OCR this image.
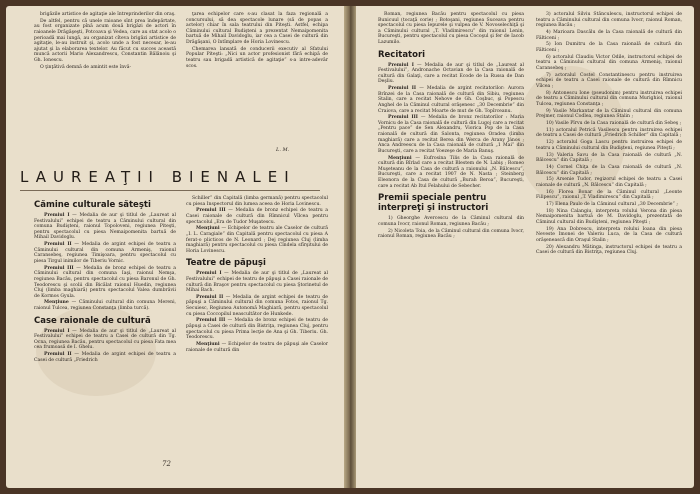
brigăzile artistice de agitaţie ale întreprinderilor din oraş.

De altfel, pentru că unele raioane sînt prea îndepărtate, au fost organizate pînă acum două brigăzi de actori în raioanele Drăgăşeşti, Potcoava şi Vedea, care au stat acolo o perioadă mai lungă, au organizat cîteva brigăzi artistice de agitaţie, le-au instruit şi, acolo unde a fost necesar, le-au ajutat şi la elaborarea textelor. Au făcut cu succes această muncă actorii Mario Alexandrescu, Constantin Bălănoiu şi Gh. Ionescu.

O ţinţătivă demnă de amintit este învă-

ţarea echipelor care s-au clasat la faza regională a concursului, să dea spectacole lunare (să de popas a actelor) chiar în sala teatrului din Piteşti. Astfel, echipa Căminului cultural Budişteni a prezentat Nemaipomenita bartuă de Mihail Davidoglu, iar cea a Casei de cultură din Drăgăşani, O întîmplare de Horia Lovinescu.

Chemarea lansată de conducerii executiv al Sfatului Popular Piteşti: „Nici un actor profesionist fără echipă de teatru sau brigadă artistică de agitaţie” s-a intre-adevăr scos.

L. M.
LAUREAŢII BIENALEI
Cămine culturale săteşti

Premiul I — Medalia de aur şi titlul de „Laureat al Festivalului” echipei de teatru a Căminului cultural din comuna Budişteni, raionul Topoloveni, regiunea Piteşti, pentru spectacolul cu piesa Nemaipomenita bartuă de Mihail Davidoglu.

Premiul II — Medalia de argint echipei de teatru a Căminului cultural din comuna Armeniş, raionul Caransebeş, regiunea Timişoara, pentru spectacolul cu piesa Tirgul inimilor de Tiberiu Vornic.

Premiul III — Medalia de bronz echipei de teatru a Căminului cultural din comuna Iaşi, raionul Nemşa, regiunea Bacău, pentru spectacolul cu piesa Baronul de Gh. Teodorescu şi scolii din Bicălat raionul Huedin, regiunea Cluj (limba maghiară) pentru spectacolul Valea dumbrăvii de Kormos Gyula.

Menţiune — Căminului cultural din comuna Mereni, raionul Tulcea, regiunea Constanţa (limba turcă).

Case raionale de cultură

Premiul I — Medalia de aur şi titlul de „Laureat al Festivalului” echipei de teatru a Casei de cultură din Tg. Ocna, regiunea Bacău, pentru spectacolul cu piesa Fata mea cea frumoasă de I. Ghelu.

Premiul II — Medalia de argint echipei de teatru a Casei de cultură „Friedrich

Schiller” din Capitală (limba germană) pentru spectacolul cu piesa Inspectorul din lumea aceea de Horia Lovinescu.

Premiul III — Medalia de bronz echipei de teatru a Casei raionale de cultură din Rîmnicul Vîlcea pentru spectacolul „Era de Tudor Muşatescu.

Menţiuni — Echipelor de teatru ale Caselor de cultură „I. L. Caragiale” din Capitală pentru spectacolul cu piesa A ferat-o plicticos de N. Leonard ; Dej regiunea Cluj (limba maghiară) pentru spectacolul cu piesa Cîndela sfîrşitului de Horia Lovinescu.

Teatre de păpuşi

Premiul I — Medalia de aur şi titlul de „Laureat al Festivalului” echipei de teatru de păpuşi a Casei raionale de cultură din Braşov pentru spectacolul cu piesa Ştorinetul de Mihai Bach.

Premiul II — Medalia de argint echipei de teatru de păpuşi a Căminului cultural din comuna Fotos, raionul Tg. Secuiesc, Regiunea Autonomă Maghiară, pentru spectacolul cu piesa Coccopilul neascultător de Hunkede.

Premiul III — Medalia de bronz echipei de teatru de păpuşi a Casei de cultură din Bistriţa, regiunea Cluj, pentru spectacolul cu piesa Prima lecţie de Ana şi Gh. Tiberiu. Gh. Teodorescu.

Menţiuni — Echipelor de teatru de păpuşi ale Caselor raionale de cultură din

72

Roman, regiunea Bacău pentru spectacolul cu piesa Bunicuul (tocaţă corie) ; Botoşani, regiunea Suceava pentru spectacolul cu piesa Iepurele şi vulpea de V. Novoselechiţă şi a Căminului cultural „T. Vladimirescu” din raionul Lenin, Bucureşti, pentru spectacolul cu piesa Cocoşul şi fer de Iacob Lazumilo.

Recitatori

Premiul I — Medalia de aur şi titlul de „Laureat al Festivalului”, Andronache Octavian de la Casa raională de cultură din Galaţi, care a recitat Ecode de la Russa de Dan Deşliu.

Premiul II — Medalia de argint recitatorilor: Aurora Brînzei de la Casa raională de cultură din Sibiu, regiunea Stalin, care a recitat Nehove de Gh. Coşbuc, şi Popescu Anghel de la Căminul cultural orăşenesc „30 Decembrie” din Craiova, care a recitat Moarte de mut de Gh. Topîrceanu.

Premiul III — Medalia de bronz recitatorilor : Maria Vornicu de la Casa raională de cultură din Lugoj care a recitat „Pentru pace” de Sen Alexandru, Viorica Pop de la Casa raională de cultură din Salonta, regiunea Oradea (limba maghiară) care a recitat Berea din Werca de Arany János ; Anca Andreescu de la Casa raională de cultură „1 Mai” din Bucureşti, care a recitat Voezeşe de Maria Banuş.

Menţiuni — Eufrosina Tilis de la Casa raională de cultură din Bîrlad care a recitat Blestem de N. Labiş ; Romeo Muşeteanu de la Casa de cultură a raionului „N. Bălcescu”, Bucureşti, care a recitat 1907 de N. Nasta ; Steinberg Eleonora de la Casa de cultură „Burah Beroa”, Bucureşti, care a recitat Ab Itul Felahului de Sebecher.

Premii speciale pentru interpreţi şi instructori

1) Gheorghe Avercescu de la Căminul cultural din comuna Ivocr, raionul Roman, regiunea Bacău ;

2) Nicoleta Toia, de la Căminul cultural din comuna Ivocr, raionul Roman, regiunea Bacău ;

3) actoralul Silviu Stănculescu, instructorul echipei de teatru a Căminului cultural din comuna Ivocr, raionul Roman, regiunea Bacău ;

4) Marioara Dascălu de la Casa raională de cultură din Fălticeni ;

5) Ion Dumitru de la Casa raională de cultură din Fălticeni ;

6) actoralul Claudiu Victor Odile, instructorul echipei de teatru a Căminului cultural din comuna Armeniş, raionul Caransebeş ;

7) actoralul Costel Constantinescu pentru instruirea echipei de teatru a Casei raionale de cultură din Rîmnicu Vîlcea ;

8) Antonescu Ione (pseudonim) pentru instruirea echipei de teatru a Căminului cultural din comuna Murighiol, raionul Tulcea, regiunea Constanţa ;

9) Vasile Markantar de la Căminul cultural din comuna Prejmer, raionul Codlea, regiunea Stalin ;

10) Vasile Pîrvu de la Casa raională de cultură din Sebeş ;

11) actoralul Petrică Vasilescu pentru instruirea echipei de teatru a Casei de cultură „Friedrich Schiller” din Capitală ;

12) actoralul Goga Lascu pentru instruirea echipei de teatru a Căminului cultural din Budişteni, regiunea Piteşti ;

13) Valeria Savu de la Casa raională de cultură „N. Bălcescu” din Capitală ;

14) Cornel Chiţa de la Casa raională de cultură „N. Bălcescu” din Capitală ;

15) Arsenie Tudor, regizorul echipei de teatru a Casei raionale de cultură „N. Bălcescu” din Capitală ;

16) Florea Bonar de la Căminul cultural „Leonte Filipescu”, raionul „T. Vladimirescu” din Capitală ;

17) Elena Paulo de la Căminul cultural „30 Decembrie” ;

18) Nina Calangiu, interpreta rolului Verona din piesa Nemaipomenita bartuă de M. Davidoglu, prezentată de Căminul cultural din Budişteni, regiunea Piteşti ;

19) Ana Dobrescu, interpreta rolului Ioana din piesa Neveste Imonei de Valeriu Luca, de la Casa de cultură orăşenească din Oraşul Stalin ;

20) Alexandru Mătinga, instructorul echipei de teatru a Casei de cultură din Bistriţa, regiunea Cluj.
